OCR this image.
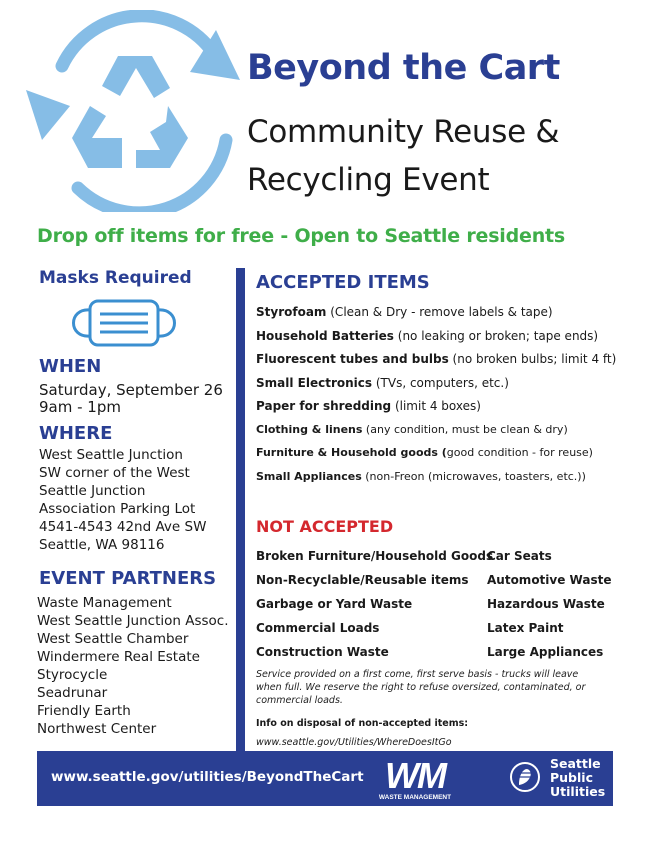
Beyond the Cart
Community Reuse &
Recycling Event
Drop off items for free - Open to Seattle residents
Masks Required
WHEN
Saturday, September 26
9am - 1pm
WHERE
West Seattle Junction
SW corner of the West
Seattle Junction
Association Parking Lot
4541-4543 42nd Ave SW
Seattle, WA 98116
EVENT PARTNERS
Waste Management
West Seattle Junction Assoc.
West Seattle Chamber
Windermere Real Estate
Styrocycle
Seadrunar
Friendly Earth
Northwest Center
ACCEPTED ITEMS
Styrofoam (Clean & Dry - remove labels & tape)
Household Batteries (no leaking or broken; tape ends)
Fluorescent tubes and bulbs (no broken bulbs; limit 4 ft)
Small Electronics (TVs, computers, etc.)
Paper for shredding (limit 4 boxes)
Clothing & linens (any condition, must be clean & dry)
Furniture & Household goods (good condition - for reuse)
Small Appliances (non-Freon (microwaves, toasters, etc.))
NOT ACCEPTED
Broken Furniture/Household Goods
Non-Recyclable/Reusable items
Garbage or Yard Waste
Commercial Loads
Construction Waste
Car Seats
Automotive Waste
Hazardous Waste
Latex Paint
Large Appliances
Service provided on a first come, first serve basis - trucks will leave when full. We reserve the right to refuse oversized, contaminated, or commercial loads.
Info on disposal of non-accepted items:
www.seattle.gov/Utilities/WhereDoesItGo
www.seattle.gov/utilities/BeyondTheCart WM
WASTE MANAGEMENT
Seattle
Public
Utilities
